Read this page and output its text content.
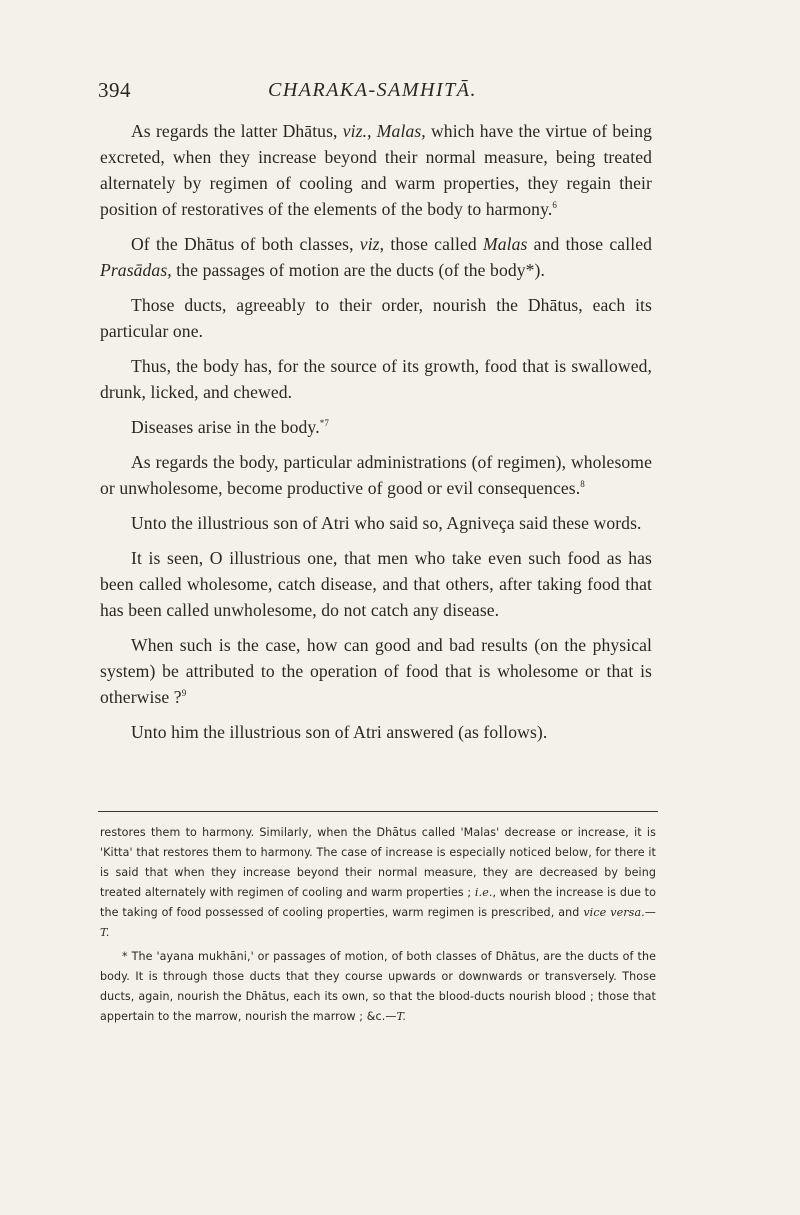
394	CHARAKA-SAMHITĀ.

As regards the latter Dhātus, viz., Malas, which have the virtue of being excreted, when they increase beyond their normal measure, being treated alternately by regimen of cooling and warm properties, they regain their position of restoratives of the elements of the body to harmony.$^6$

Of the Dhātus of both classes, viz, those called Malas and those called Prasādas, the passages of motion are the ducts (of the body*).

Those ducts, agreeably to their order, nourish the Dhātus, each its particular one.

Thus, the body has, for the source of its growth, food that is swallowed, drunk, licked, and chewed.

Diseases arise in the body.$^{*7}$

As regards the body, particular administrations (of regimen), wholesome or unwholesome, become productive of good or evil consequences.$^8$

Unto the illustrious son of Atri who said so, Agniveça said these words.

It is seen, O illustrious one, that men who take even such food as has been called wholesome, catch disease, and that others, after taking food that has been called unwholesome, do not catch any disease.

When such is the case, how can good and bad results (on the physical system) be attributed to the operation of food that is wholesome or that is otherwise ?$^9$

Unto him the illustrious son of Atri answered (as follows).

restores them to harmony. Similarly, when the Dhātus called 'Malas' decrease or increase, it is 'Kitta' that restores them to harmony. The case of increase is especially noticed below, for there it is said that when they increase beyond their normal measure, they are decreased by being treated alternately with regimen of cooling and warm properties ; i.e., when the increase is due to the taking of food possessed of cooling properties, warm regimen is prescribed, and vice versa.—T.

* The 'ayana mukhāni,' or passages of motion, of both classes of Dhātus, are the ducts of the body. It is through those ducts that they course upwards or downwards or transversely. Those ducts, again, nourish the Dhātus, each its own, so that the blood-ducts nourish blood ; those that appertain to the marrow, nourish the marrow ; &c.—T.
